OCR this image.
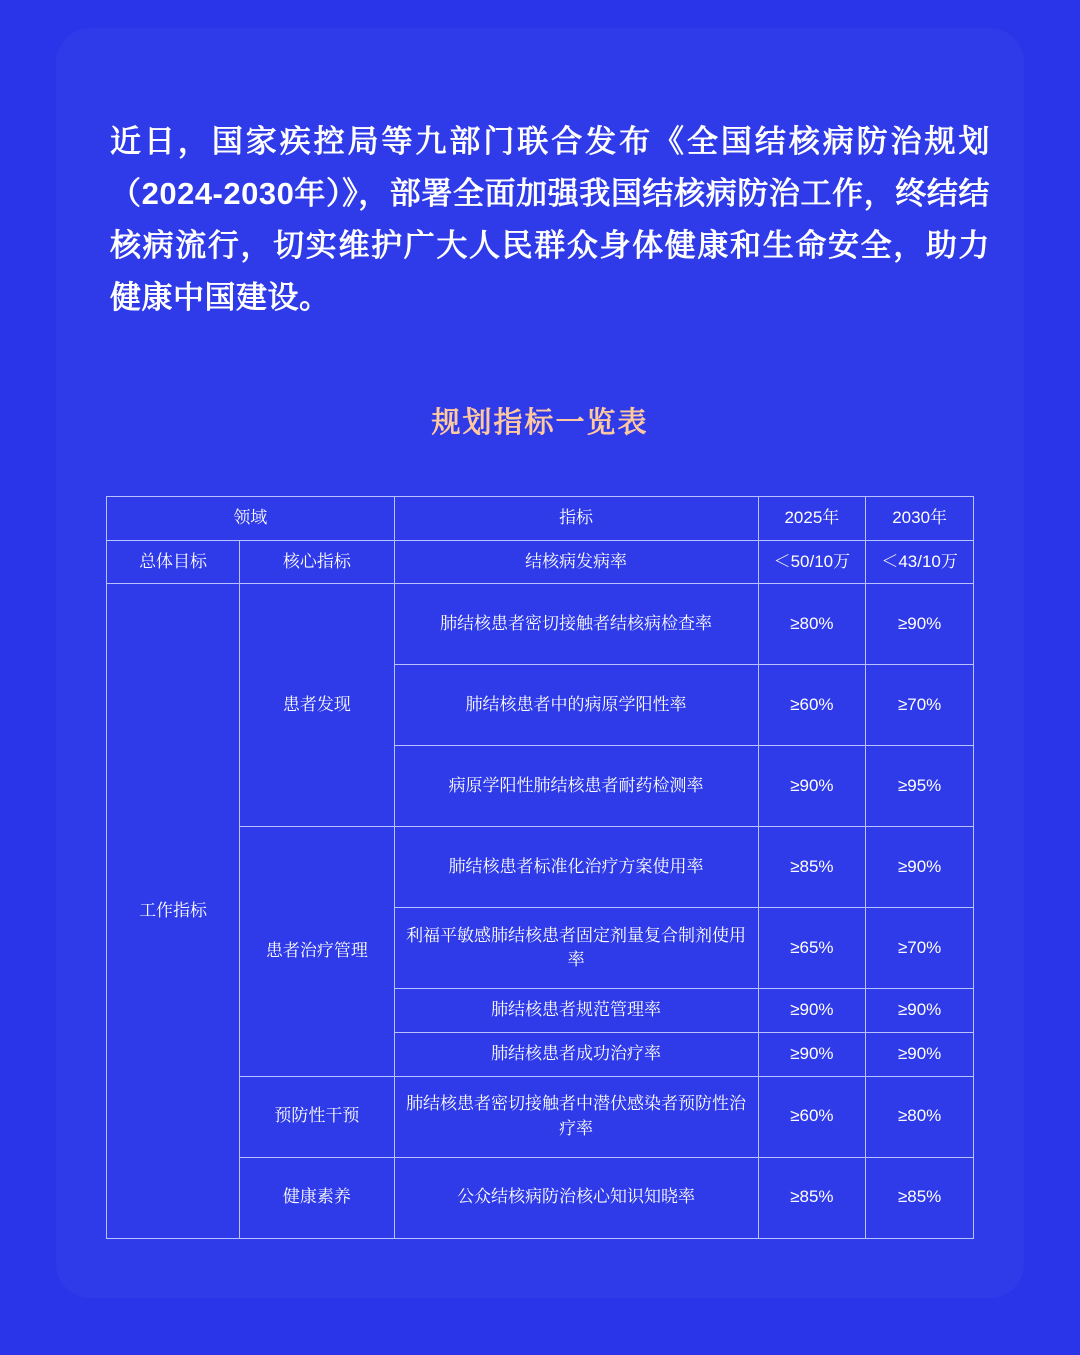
近日，国家疾控局等九部门联合发布《全国结核病防治规划（2024-2030年）》，部署全面加强我国结核病防治工作，终结结核病流行，切实维护广大人民群众身体健康和生命安全，助力健康中国建设。
规划指标一览表
领域		指标	2025年	2030年
总体目标	核心指标	结核病发病率	＜50/10万	＜43/10万
工作指标	患者发现	肺结核患者密切接触者结核病检查率	≥80%	≥90%
		肺结核患者中的病原学阳性率	≥60%	≥70%
		病原学阳性肺结核患者耐药检测率	≥90%	≥95%
	患者治疗管理	肺结核患者标准化治疗方案使用率	≥85%	≥90%
		利福平敏感肺结核患者固定剂量复合制剂使用率	≥65%	≥70%
		肺结核患者规范管理率	≥90%	≥90%
		肺结核患者成功治疗率	≥90%	≥90%
	预防性干预	肺结核患者密切接触者中潜伏感染者预防性治疗率	≥60%	≥80%
	健康素养	公众结核病防治核心知识知晓率	≥85%	≥85%
